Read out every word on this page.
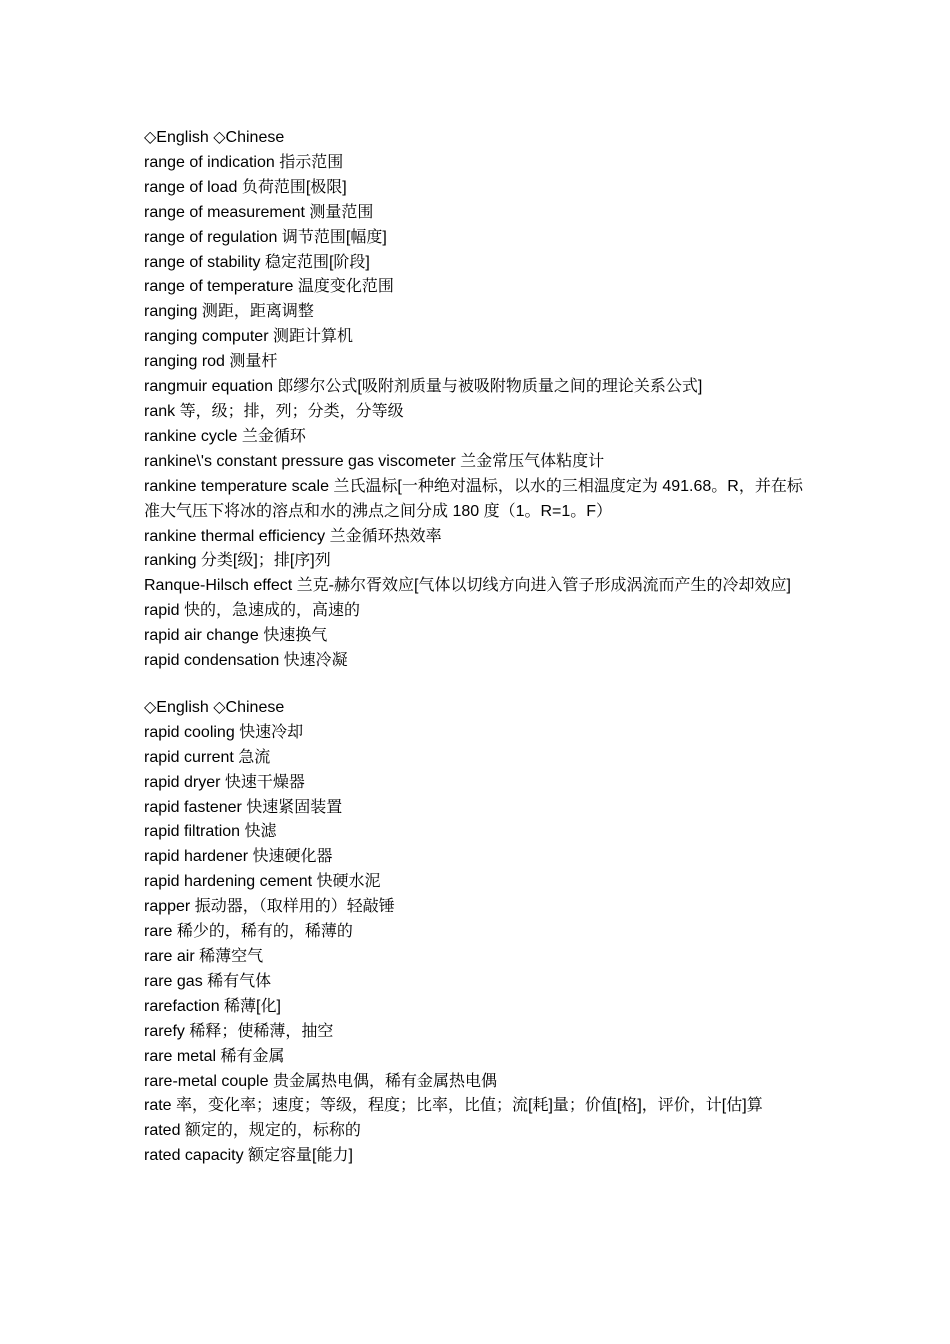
◇English ◇Chinese
range of indication 指示范围
range of load 负荷范围[极限]
range of measurement 测量范围
range of regulation 调节范围[幅度]
range of stability 稳定范围[阶段]
range of temperature 温度变化范围
ranging 测距，距离调整
ranging computer 测距计算机
ranging rod 测量杆
rangmuir equation 郎缪尔公式[吸附剂质量与被吸附物质量之间的理论关系公式]
rank 等，级；排，列；分类，分等级
rankine cycle 兰金循环
rankine\'s constant pressure gas viscometer 兰金常压气体粘度计
rankine temperature scale 兰氏温标[一种绝对温标，以水的三相温度定为 491.68。R，并在标准大气压下将冰的溶点和水的沸点之间分成 180 度（1。R=1。F）
rankine thermal efficiency 兰金循环热效率
ranking 分类[级]；排[序]列
Ranque-Hilsch effect 兰克-赫尔胥效应[气体以切线方向进入管子形成涡流而产生的冷却效应]
rapid 快的，急速成的，高速的
rapid air change 快速换气
rapid condensation 快速冷凝
◇English ◇Chinese
rapid cooling 快速冷却
rapid current 急流
rapid dryer 快速干燥器
rapid fastener 快速紧固装置
rapid filtration 快滤
rapid hardener 快速硬化器
rapid hardening cement 快硬水泥
rapper 振动器，（取样用的）轻敲锤
rare 稀少的，稀有的，稀薄的
rare air 稀薄空气
rare gas 稀有气体
rarefaction 稀薄[化]
rarefy 稀释；使稀薄，抽空
rare metal 稀有金属
rare-metal couple 贵金属热电偶，稀有金属热电偶
rate 率，变化率；速度；等级，程度；比率，比值；流[耗]量；价值[格]，评价，计[估]算
rated 额定的，规定的，标称的
rated capacity 额定容量[能力]
